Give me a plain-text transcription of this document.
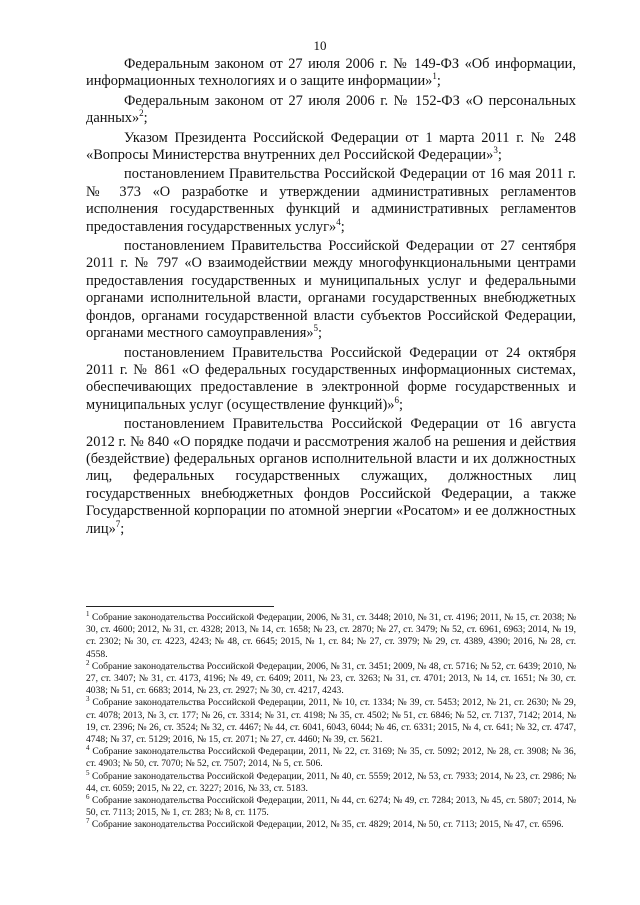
10

Федеральным законом от 27 июля 2006 г. № 149-ФЗ «Об информации, информационных технологиях и о защите информации»$^1$;

Федеральным законом от 27 июля 2006 г. № 152-ФЗ «О персональных данных»$^2$;

Указом Президента Российской Федерации от 1 марта 2011 г. № 248 «Вопросы Министерства внутренних дел Российской Федерации»$^3$;

постановлением Правительства Российской Федерации от 16 мая 2011 г. № 373 «О разработке и утверждении административных регламентов исполнения государственных функций и административных регламентов предоставления государственных услуг»$^4$;

постановлением Правительства Российской Федерации от 27 сентября 2011 г. № 797 «О взаимодействии между многофункциональными центрами предоставления государственных и муниципальных услуг и федеральными органами исполнительной власти, органами государственных внебюджетных фондов, органами государственной власти субъектов Российской Федерации, органами местного самоуправления»$^5$;

постановлением Правительства Российской Федерации от 24 октября 2011 г. № 861 «О федеральных государственных информационных системах, обеспечивающих предоставление в электронной форме государственных и муниципальных услуг (осуществление функций)»$^6$;

постановлением Правительства Российской Федерации от 16 августа 2012 г. № 840 «О порядке подачи и рассмотрения жалоб на решения и действия (бездействие) федеральных органов исполнительной власти и их должностных лиц, федеральных государственных служащих, должностных лиц государственных внебюджетных фондов Российской Федерации, а также Государственной корпорации по атомной энергии «Росатом» и ее должностных лиц»$^7$;

$^1$ Собрание законодательства Российской Федерации, 2006, № 31, ст. 3448; 2010, № 31, ст. 4196; 2011, № 15, ст. 2038; № 30, ст. 4600; 2012, № 31, ст. 4328; 2013, № 14, ст. 1658; № 23, ст. 2870; № 27, ст. 3479; № 52, ст. 6961, 6963; 2014, № 19, ст. 2302; № 30, ст. 4223, 4243; № 48, ст. 6645; 2015, № 1, ст. 84; № 27, ст. 3979; № 29, ст. 4389, 4390; 2016, № 28, ст. 4558.

$^2$ Собрание законодательства Российской Федерации, 2006, № 31, ст. 3451; 2009, № 48, ст. 5716; № 52, ст. 6439; 2010, № 27, ст. 3407; № 31, ст. 4173, 4196; № 49, ст. 6409; 2011, № 23, ст. 3263; № 31, ст. 4701; 2013, № 14, ст. 1651; № 30, ст. 4038; № 51, ст. 6683; 2014, № 23, ст. 2927; № 30, ст. 4217, 4243.

$^3$ Собрание законодательства Российской Федерации, 2011, № 10, ст. 1334; № 39, ст. 5453; 2012, № 21, ст. 2630; № 29, ст. 4078; 2013, № 3, ст. 177; № 26, ст. 3314; № 31, ст. 4198; № 35, ст. 4502; № 51, ст. 6846; № 52, ст. 7137, 7142; 2014, № 19, ст. 2396; № 26, ст. 3524; № 32, ст. 4467; № 44, ст. 6041, 6043, 6044; № 46, ст. 6331; 2015, № 4, ст. 641; № 32, ст. 4747, 4748; № 37, ст. 5129; 2016, № 15, ст. 2071; № 27, ст. 4460; № 39, ст. 5621.

$^4$ Собрание законодательства Российской Федерации, 2011, № 22, ст. 3169; № 35, ст. 5092; 2012, № 28, ст. 3908; № 36, ст. 4903; № 50, ст. 7070; № 52, ст. 7507; 2014, № 5, ст. 506.

$^5$ Собрание законодательства Российской Федерации, 2011, № 40, ст. 5559; 2012, № 53, ст. 7933; 2014, № 23, ст. 2986; № 44, ст. 6059; 2015, № 22, ст. 3227; 2016, № 33, ст. 5183.

$^6$ Собрание законодательства Российской Федерации, 2011, № 44, ст. 6274; № 49, ст. 7284; 2013, № 45, ст. 5807; 2014, № 50, ст. 7113; 2015, № 1, ст. 283; № 8, ст. 1175.

$^7$ Собрание законодательства Российской Федерации, 2012, № 35, ст. 4829; 2014, № 50, ст. 7113; 2015, № 47, ст. 6596.
